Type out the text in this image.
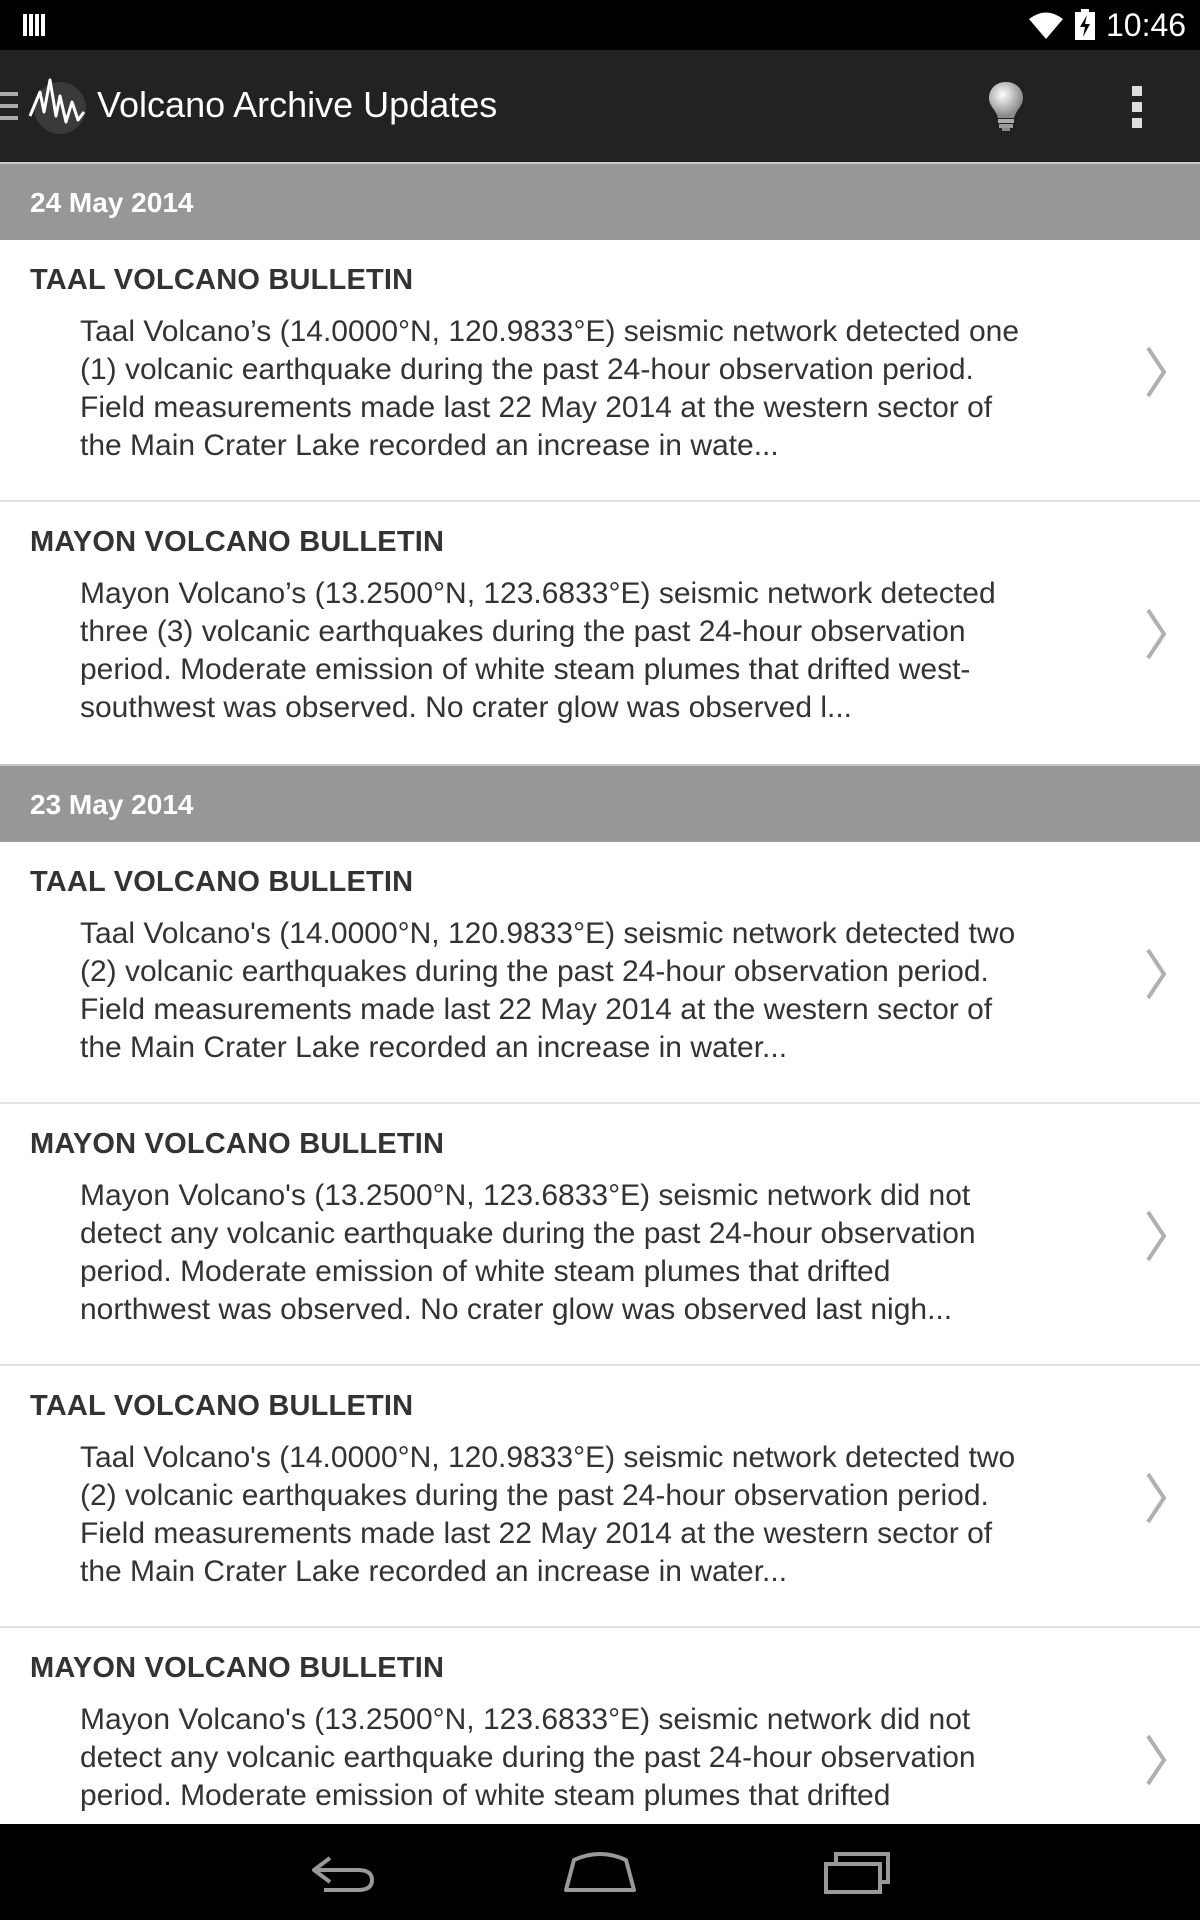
10:46
Volcano Archive Updates
24 May 2014
TAAL VOLCANO BULLETIN
Taal Volcano’s (14.0000°N, 120.9833°E) seismic network detected one
(1) volcanic earthquake during the past 24-hour observation period.
Field measurements made last 22 May 2014 at the western sector of
the Main Crater Lake recorded an increase in wate...
MAYON VOLCANO BULLETIN
Mayon Volcano’s (13.2500°N, 123.6833°E) seismic network detected
three (3) volcanic earthquakes during the past 24-hour observation
period. Moderate emission of white steam plumes that drifted west-
southwest was observed. No crater glow was observed l...
23 May 2014
TAAL VOLCANO BULLETIN
Taal Volcano's (14.0000°N, 120.9833°E) seismic network detected two
(2) volcanic earthquakes during the past 24-hour observation period.
Field measurements made last 22 May 2014 at the western sector of
the Main Crater Lake recorded an increase in water...
MAYON VOLCANO BULLETIN
Mayon Volcano's (13.2500°N, 123.6833°E) seismic network did not
detect any volcanic earthquake during the past 24-hour observation
period. Moderate emission of white steam plumes that drifted
northwest was observed. No crater glow was observed last nigh...
TAAL VOLCANO BULLETIN
Taal Volcano's (14.0000°N, 120.9833°E) seismic network detected two
(2) volcanic earthquakes during the past 24-hour observation period.
Field measurements made last 22 May 2014 at the western sector of
the Main Crater Lake recorded an increase in water...
MAYON VOLCANO BULLETIN
Mayon Volcano's (13.2500°N, 123.6833°E) seismic network did not
detect any volcanic earthquake during the past 24-hour observation
period. Moderate emission of white steam plumes that drifted
